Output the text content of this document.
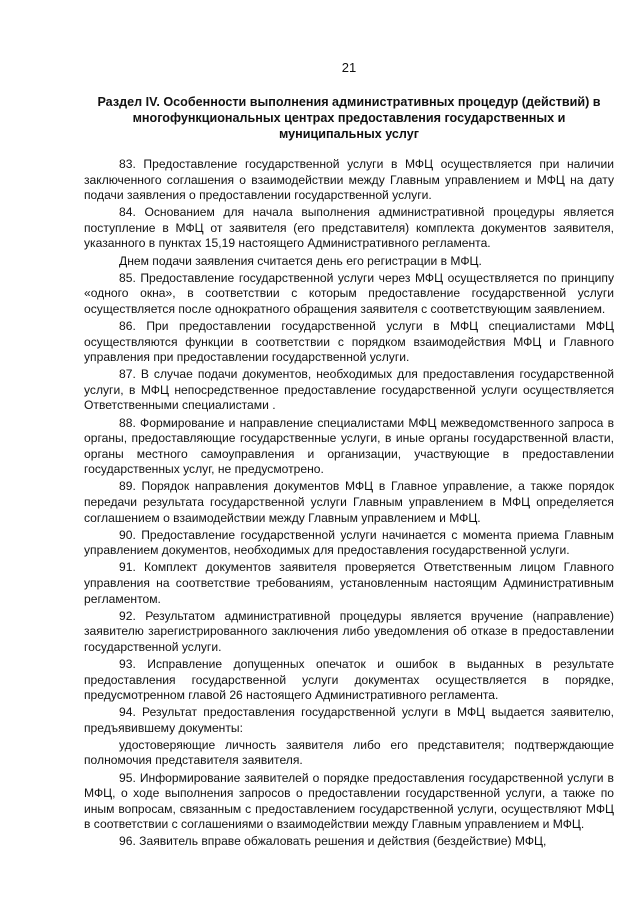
21
Раздел IV. Особенности выполнения административных процедур (действий) в многофункциональных центрах предоставления государственных и муниципальных услуг

83. Предоставление государственной услуги в МФЦ осуществляется при наличии заключенного соглашения о взаимодействии между Главным управлением и МФЦ на дату подачи заявления о предоставлении государственной услуги.

84. Основанием для начала выполнения административной процедуры является поступление в МФЦ от заявителя (его представителя) комплекта документов заявителя, указанного в пунктах 15,19 настоящего Административного регламента.

Днем подачи заявления считается день его регистрации в МФЦ.

85. Предоставление государственной услуги через МФЦ осуществляется по принципу «одного окна», в соответствии с которым предоставление государственной услуги осуществляется после однократного обращения заявителя с соответствующим заявлением.

86. При предоставлении государственной услуги в МФЦ специалистами МФЦ осуществляются функции в соответствии с порядком взаимодействия МФЦ и Главного управления при предоставлении государственной услуги.

87. В случае подачи документов, необходимых для предоставления государственной услуги, в МФЦ непосредственное предоставление государственной услуги осуществляется Ответственными специалистами .

88. Формирование и направление специалистами МФЦ межведомственного запроса в органы, предоставляющие государственные услуги, в иные органы государственной власти, органы местного самоуправления и организации, участвующие в предоставлении государственных услуг, не предусмотрено.

89. Порядок направления документов МФЦ в Главное управление, а также порядок передачи результата государственной услуги Главным управлением в МФЦ определяется соглашением о взаимодействии между Главным управлением и МФЦ.

90. Предоставление государственной услуги начинается с момента приема Главным управлением документов, необходимых для предоставления государственной услуги.

91. Комплект документов заявителя проверяется Ответственным лицом Главного управления на соответствие требованиям, установленным настоящим Административным регламентом.

92. Результатом административной процедуры является вручение (направление) заявителю зарегистрированного заключения либо уведомления об отказе в предоставлении государственной услуги.

93. Исправление допущенных опечаток и ошибок в выданных в результате предоставления государственной услуги документах осуществляется в порядке, предусмотренном главой 26 настоящего Административного регламента.

94. Результат предоставления государственной услуги в МФЦ выдается заявителю, предъявившему документы:

удостоверяющие личность заявителя либо его представителя; подтверждающие полномочия представителя заявителя.

95. Информирование заявителей о порядке предоставления государственной услуги в МФЦ, о ходе выполнения запросов о предоставлении государственной услуги, а также по иным вопросам, связанным с предоставлением государственной услуги, осуществляют МФЦ в соответствии с соглашениями о взаимодействии между Главным управлением и МФЦ.

96. Заявитель вправе обжаловать решения и действия (бездействие) МФЦ,
